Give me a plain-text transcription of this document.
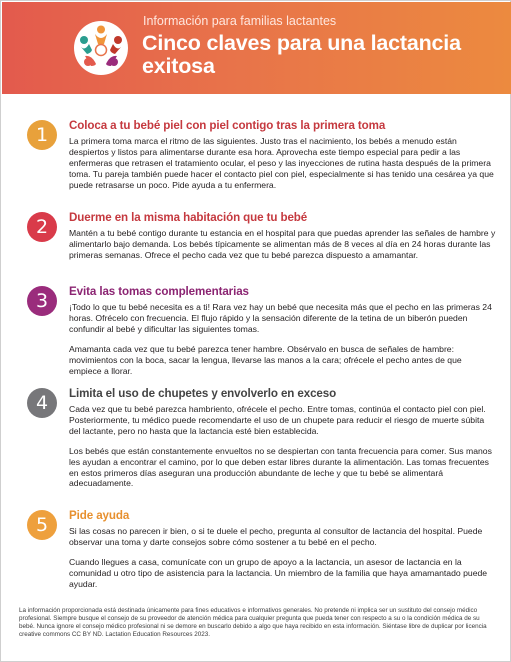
Información para familias lactantes
Cinco claves para una lactancia exitosa
1	Coloca a tu bebé piel con piel contigo tras la primera toma

La primera toma marca el ritmo de las siguientes. Justo tras el nacimiento, los bebés a menudo están despiertos y listos para alimentarse durante esa hora. Aprovecha este tiempo especial para pedir a las enfermeras que retrasen el tratamiento ocular, el peso y las inyecciones de rutina hasta después de la primera toma. Tu pareja también puede hacer el contacto piel con piel, especialmente si has tenido una cesárea ya que puede retrasarse un poco. Pide ayuda a tu enfermera.

2	Duerme en la misma habitación que tu bebé

Mantén a tu bebé contigo durante tu estancia en el hospital para que puedas aprender las señales de hambre y alimentarlo bajo demanda. Los bebés típicamente se alimentan más de 8 veces al día en 24 horas durante las primeras semanas. Ofrece el pecho cada vez que tu bebé parezca dispuesto a amamantar.

3	Evita las tomas complementarias

¡Todo lo que tu bebé necesita es a ti! Rara vez hay un bebé que necesita más que el pecho en las primeras 24 horas. Ofrécelo con frecuencia. El flujo rápido y la sensación diferente de la tetina de un biberón pueden confundir al bebé y dificultar las siguientes tomas.

Amamanta cada vez que tu bebé parezca tener hambre. Obsérvalo en busca de señales de hambre: movimientos con la boca, sacar la lengua, llevarse las manos a la cara; ofrécele el pecho antes de que empiece a llorar.

4	Limita el uso de chupetes y envolverlo en exceso

Cada vez que tu bebé parezca hambriento, ofrécele el pecho. Entre tomas, continúa el contacto piel con piel. Posteriormente, tu médico puede recomendarte el uso de un chupete para reducir el riesgo de muerte súbita del lactante, pero no hasta que la lactancia esté bien establecida.

Los bebés que están constantemente envueltos no se despiertan con tanta frecuencia para comer. Sus manos les ayudan a encontrar el camino, por lo que deben estar libres durante la alimentación. Las tomas frecuentes en estos primeros días aseguran una producción abundante de leche y que tu bebé se alimentará adecuadamente.

5	Pide ayuda

Si las cosas no parecen ir bien, o si te duele el pecho, pregunta al consultor de lactancia del hospital. Puede observar una toma y darte consejos sobre cómo sostener a tu bebé en el pecho.

Cuando llegues a casa, comunícate con un grupo de apoyo a la lactancia, un asesor de lactancia en la comunidad u otro tipo de asistencia para la lactancia. Un miembro de la familia que haya amamantado puede ayudar.

La información proporcionada está destinada únicamente para fines educativos e informativos generales. No pretende ni implica ser un sustituto del consejo médico profesional. Siempre busque el consejo de su proveedor de atención médica para cualquier pregunta que pueda tener con respecto a su o la condición médica de su bebé. Nunca ignore el consejo médico profesional ni se demore en buscarlo debido a algo que haya recibido en esta información. Siéntase libre de duplicar por licencia creative commons CC BY ND. Lactation Education Resources 2023.
